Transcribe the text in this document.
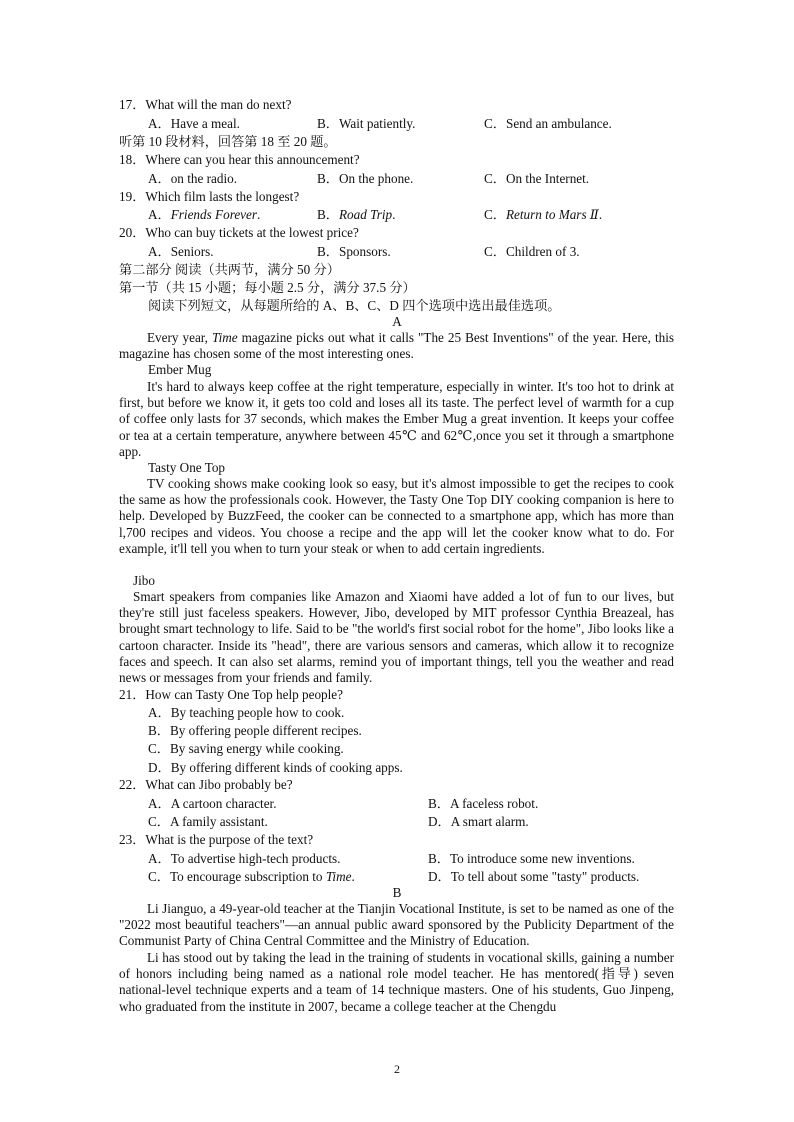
17．What will the man do next?
A．Have a meal.	B．Wait patiently.	C．Send an ambulance.
听第 10 段材料，回答第 18 至 20 题。
18．Where can you hear this announcement?
A．on the radio.	B．On the phone.	C．On the Internet.
19．Which film lasts the longest?
A．Friends Forever.	B．Road Trip.	C．Return to Mars Ⅱ.
20．Who can buy tickets at the lowest price?
A．Seniors.	B．Sponsors.	C．Children of 3.
第二部分 阅读（共两节，满分 50 分）
第一节（共 15 小题；每小题 2.5 分，满分 37.5 分）
阅读下列短文，从每题所给的 A、B、C、D 四个选项中选出最佳选项。
A

Every year, Time magazine picks out what it calls "The 25 Best Inventions" of the year. Here, this magazine has chosen some of the most interesting ones.

Ember Mug

It's hard to always keep coffee at the right temperature, especially in winter. It's too hot to drink at first, but before we know it, it gets too cold and loses all its taste. The perfect level of warmth for a cup of coffee only lasts for 37 seconds, which makes the Ember Mug a great invention. It keeps your coffee or tea at a certain temperature, anywhere between 45℃ and 62℃,once you set it through a smartphone app.

Tasty One Top

TV cooking shows make cooking look so easy, but it's almost impossible to get the recipes to cook the same as how the professionals cook. However, the Tasty One Top DIY cooking companion is here to help. Developed by BuzzFeed, the cooker can be connected to a smartphone app, which has more than l,700 recipes and videos. You choose a recipe and the app will let the cooker know what to do. For example, it'll tell you when to turn your steak or when to add certain ingredients.

Jibo

Smart speakers from companies like Amazon and Xiaomi have added a lot of fun to our lives, but they're still just faceless speakers. However, Jibo, developed by MIT professor Cynthia Breazeal, has brought smart technology to life. Said to be "the world's first social robot for the home", Jibo looks like a cartoon character. Inside its "head", there are various sensors and cameras, which allow it to recognize faces and speech. It can also set alarms, remind you of important things, tell you the weather and read news or messages from your friends and family.

21．How can Tasty One Top help people?
A．By teaching people how to cook.
B．By offering people different recipes.
C．By saving energy while cooking.
D．By offering different kinds of cooking apps.
22．What can Jibo probably be?
A．A cartoon character.	B．A faceless robot.
C．A family assistant.	D．A smart alarm.
23．What is the purpose of the text?
A．To advertise high-tech products.	B．To introduce some new inventions.
C．To encourage subscription to Time.	D．To tell about some "tasty" products.
B

Li Jianguo, a 49-year-old teacher at the Tianjin Vocational Institute, is set to be named as one of the "2022 most beautiful teachers"—an annual public award sponsored by the Publicity Department of the Communist Party of China Central Committee and the Ministry of Education.

Li has stood out by taking the lead in the training of students in vocational skills, gaining a number of honors including being named as a national role model teacher. He has mentored(指导) seven national-level technique experts and a team of 14 technique masters. One of his students, Guo Jinpeng, who graduated from the institute in 2007, became a college teacher at the Chengdu

2
